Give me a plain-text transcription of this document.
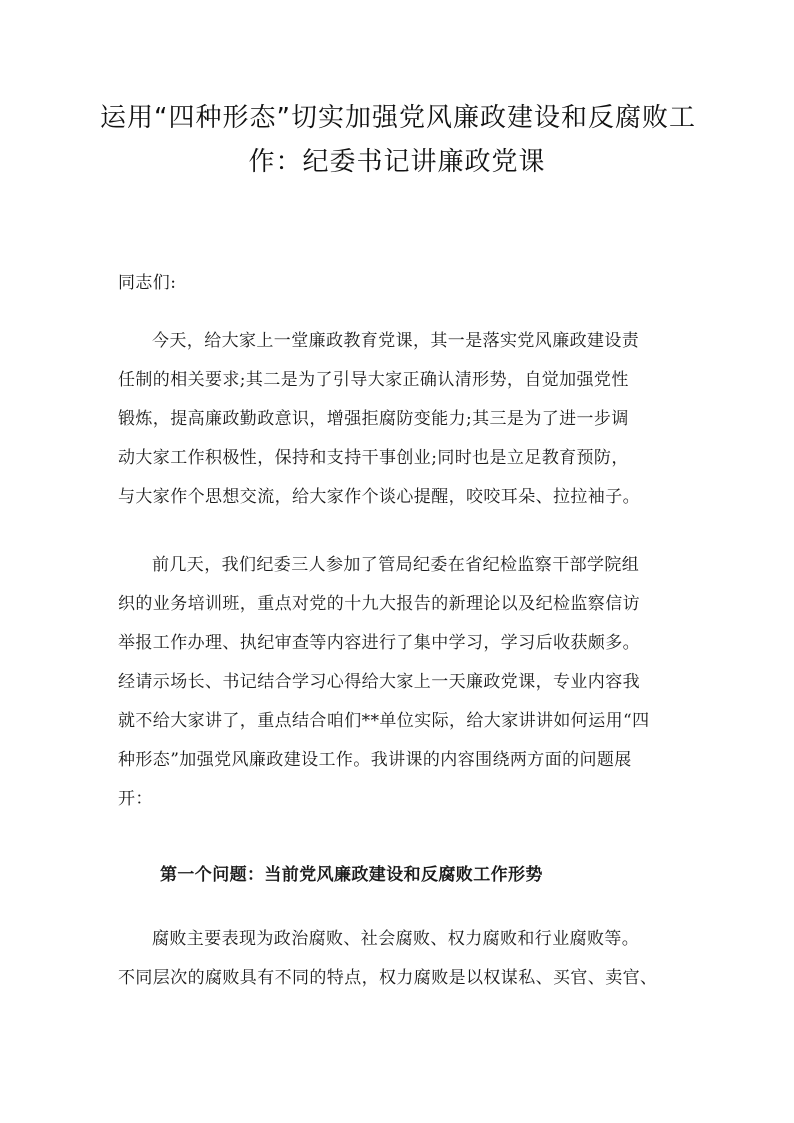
运用“四种形态”切实加强党风廉政建设和反腐败工
作：纪委书记讲廉政党课

同志们:

今天，给大家上一堂廉政教育党课，其一是落实党风廉政建设责
任制的相关要求;其二是为了引导大家正确认清形势，自觉加强党性
锻炼，提高廉政勤政意识，增强拒腐防变能力;其三是为了进一步调
动大家工作积极性，保持和支持干事创业;同时也是立足教育预防，
与大家作个思想交流，给大家作个谈心提醒，咬咬耳朵、拉拉袖子。
前几天，我们纪委三人参加了管局纪委在省纪检监察干部学院组
织的业务培训班，重点对党的十九大报告的新理论以及纪检监察信访
举报工作办理、执纪审查等内容进行了集中学习，学习后收获颇多。
经请示场长、书记结合学习心得给大家上一天廉政党课，专业内容我
就不给大家讲了，重点结合咱们**单位实际，给大家讲讲如何运用“四
种形态”加强党风廉政建设工作。我讲课的内容围绕两方面的问题展
开：
第一个问题：当前党风廉政建设和反腐败工作形势
腐败主要表现为政治腐败、社会腐败、权力腐败和行业腐败等。
不同层次的腐败具有不同的特点，权力腐败是以权谋私、买官、卖官、
